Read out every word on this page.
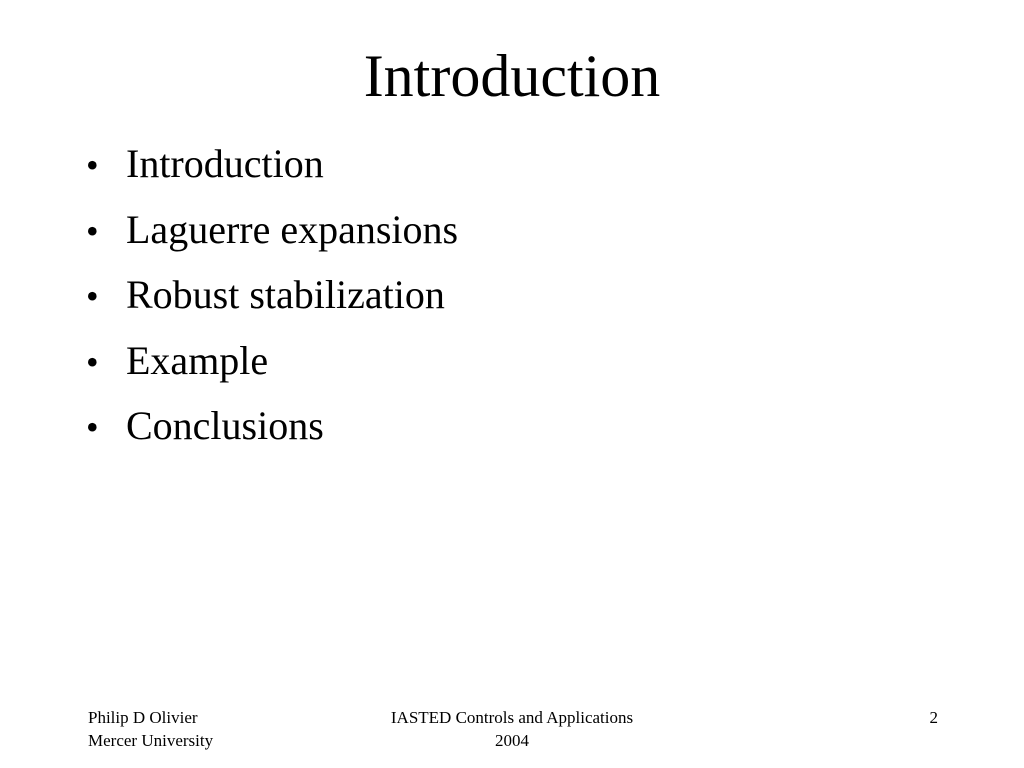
Introduction
• Introduction
• Laguerre expansions
• Robust stabilization
• Example
• Conclusions
Philip D Olivier
Mercer University
IASTED Controls and Applications
2004
2
